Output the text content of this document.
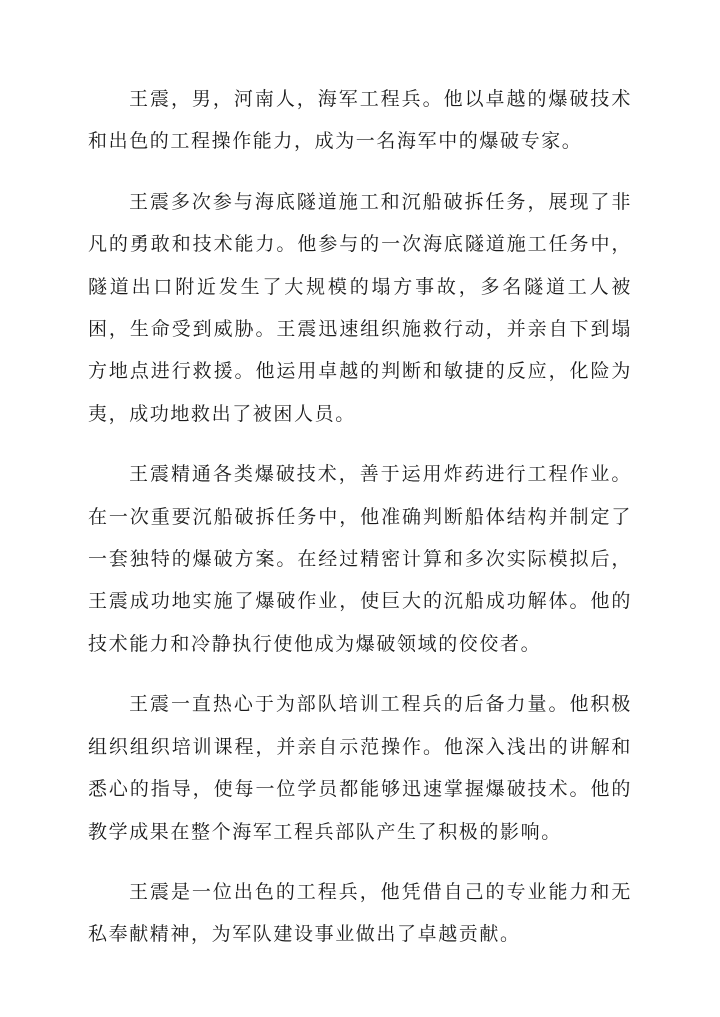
王震，男，河南人，海军工程兵。他以卓越的爆破技术和出色的工程操作能力，成为一名海军中的爆破专家。

王震多次参与海底隧道施工和沉船破拆任务，展现了非凡的勇敢和技术能力。他参与的一次海底隧道施工任务中，隧道出口附近发生了大规模的塌方事故，多名隧道工人被困，生命受到威胁。王震迅速组织施救行动，并亲自下到塌方地点进行救援。他运用卓越的判断和敏捷的反应，化险为夷，成功地救出了被困人员。

王震精通各类爆破技术，善于运用炸药进行工程作业。在一次重要沉船破拆任务中，他准确判断船体结构并制定了一套独特的爆破方案。在经过精密计算和多次实际模拟后，王震成功地实施了爆破作业，使巨大的沉船成功解体。他的技术能力和冷静执行使他成为爆破领域的佼佼者。

王震一直热心于为部队培训工程兵的后备力量。他积极组织组织培训课程，并亲自示范操作。他深入浅出的讲解和悉心的指导，使每一位学员都能够迅速掌握爆破技术。他的教学成果在整个海军工程兵部队产生了积极的影响。

王震是一位出色的工程兵，他凭借自己的专业能力和无私奉献精神，为军队建设事业做出了卓越贡献。
